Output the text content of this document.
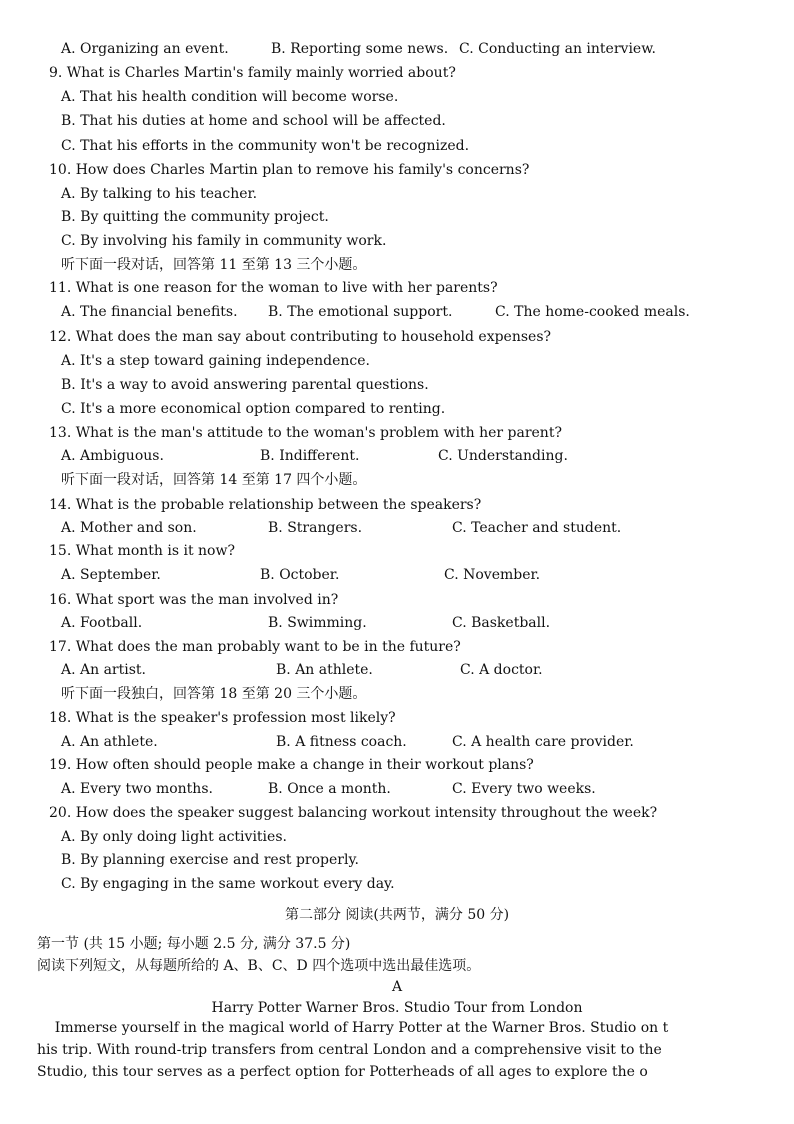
A. Organizing an event.	B. Reporting some news. C. Conducting an interview.
9. What is Charles Martin's family mainly worried about?
A. That his health condition will become worse.
B. That his duties at home and school will be affected.
C. That his efforts in the community won't be recognized.
10. How does Charles Martin plan to remove his family's concerns?
A. By talking to his teacher.
B. By quitting the community project.
C. By involving his family in community work.
听下面一段对话，回答第 11 至第 13 三个小题。
11. What is one reason for the woman to live with her parents?
A. The financial benefits. B. The emotional support.	C. The home-cooked meals.
12. What does the man say about contributing to household expenses?
A. It's a step toward gaining independence.
B. It's a way to avoid answering parental questions.
C. It's a more economical option compared to renting.
13. What is the man's attitude to the woman's problem with her parent?
A. Ambiguous.	B. Indifferent.	C. Understanding.
听下面一段对话，回答第 14 至第 17 四个小题。
14. What is the probable relationship between the speakers?
A. Mother and son.	B. Strangers.	C. Teacher and student.
15. What month is it now?
A. September.	B. October.	C. November.
16. What sport was the man involved in?
A. Football.	B. Swimming.	C. Basketball.
17. What does the man probably want to be in the future?
A. An artist.	B. An athlete.	C. A doctor.
听下面一段独白，回答第 18 至第 20 三个小题。
18. What is the speaker's profession most likely?
A. An athlete.	B. A fitness coach.	C. A health care provider.
19. How often should people make a change in their workout plans?
A. Every two months.	B. Once a month.	C. Every two weeks.
20. How does the speaker suggest balancing workout intensity throughout the week?
A. By only doing light activities.
B. By planning exercise and rest properly.
C. By engaging in the same workout every day.
第二部分 阅读(共两节，满分 50 分)
第一节 (共 15 小题; 每小题 2.5 分, 满分 37.5 分)
阅读下列短文，从每题所给的 A、B、C、D 四个选项中选出最佳选项。
A
Harry Potter Warner Bros. Studio Tour from London
Immerse yourself in the magical world of Harry Potter at the Warner Bros. Studio on t
his trip. With round-trip transfers from central London and a comprehensive visit to the
Studio, this tour serves as a perfect option for Potterheads of all ages to explore the o
